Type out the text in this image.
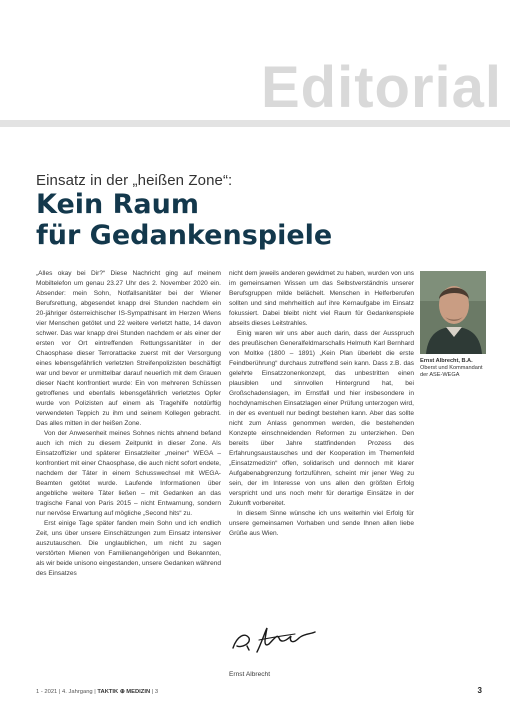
Editorial
Einsatz in der „heißen Zone“:
Kein Raum
für Gedankenspiele

„Alles okay bei Dir?“ Diese Nachricht ging auf meinem Mobiltelefon um genau 23.27 Uhr des 2. November 2020 ein. Absender: mein Sohn, Notfallsanitäter bei der Wiener Berufsrettung, abgesendet knapp drei Stunden nachdem ein 20-jähriger österreichischer IS-Sympathisant im Herzen Wiens vier Menschen getötet und 22 weitere verletzt hatte, 14 davon schwer. Das war knapp drei Stunden nachdem er als einer der ersten vor Ort eintreffenden Rettungssanitäter in der Chaosphase dieser Terrorattacke zuerst mit der Versorgung eines lebensgefährlich verletzten Streifenpolizisten beschäftigt war und bevor er unmittelbar darauf neuerlich mit dem Grauen dieser Nacht konfrontiert wurde: Ein von mehreren Schüssen getroffenes und ebenfalls lebensgefährlich verletztes Opfer wurde von Polizisten auf einem als Tragehilfe notdürftig verwendeten Teppich zu ihm und seinem Kollegen gebracht. Das alles mitten in der heißen Zone.

Von der Anwesenheit meines Sohnes nichts ahnend befand auch ich mich zu diesem Zeitpunkt in dieser Zone. Als Einsatzoffizier und späterer Einsatzleiter „meiner“ WEGA – konfrontiert mit einer Chaosphase, die auch nicht sofort endete, nachdem der Täter in einem Schusswechsel mit WEGA-Beamten getötet wurde. Laufende Informationen über angebliche weitere Täter ließen – mit Gedanken an das tragische Fanal von Paris 2015 – nicht Entwarnung, sondern nur nervöse Erwartung auf mögliche „Second hits“ zu.

Erst einige Tage später fanden mein Sohn und ich endlich Zeit, uns über unsere Einschätzungen zum Einsatz intensiver auszutauschen. Die unglaublichen, um nicht zu sagen verstörten Mienen von Familienangehörigen und Bekannten, als wir beide unisono eingestanden, unsere Gedanken während des Einsatzes

nicht dem jeweils anderen gewidmet zu haben, wurden von uns im gemeinsamen Wissen um das Selbstverständnis unserer Berufsgruppen milde belächelt. Menschen in Helferberufen sollten und sind mehrheitlich auf ihre Kernaufgabe im Einsatz fokussiert. Dabei bleibt nicht viel Raum für Gedankenspiele abseits dieses Leitstrahles.

Einig waren wir uns aber auch darin, dass der Ausspruch des preußischen Generalfeldmarschalls Helmuth Karl Bernhard von Moltke (1800 – 1891) „Kein Plan überlebt die erste Feindberührung“ durchaus zutreffend sein kann. Dass z.B. das gelehrte Einsatzzonenkonzept, das unbestritten einen plausiblen und sinnvollen Hintergrund hat, bei Großschadenslagen, im Ernstfall und hier insbesondere in hochdynamischen Einsatzlagen einer Prüfung unterzogen wird, in der es eventuell nur bedingt bestehen kann. Aber das sollte nicht zum Anlass genommen werden, die bestehenden Konzepte einschneidenden Reformen zu unterziehen. Den bereits über Jahre stattfindenden Prozess des Erfahrungsaustausches und der Kooperation im Themenfeld „Einsatzmedizin“ offen, solidarisch und dennoch mit klarer Aufgabenabgrenzung fortzuführen, scheint mir jener Weg zu sein, der im Interesse von uns allen den größten Erfolg verspricht und uns noch mehr für derartige Einsätze in der Zukunft vorbereitet.

In diesem Sinne wünsche ich uns weiterhin viel Erfolg für unsere gemeinsamen Vorhaben und sende Ihnen allen liebe Grüße aus Wien.

Ernst Albrecht
Ernst Albrecht, B.A.
Oberst und Kommandant der ASE-WEGA
1 - 2021 | 4. Jahrgang | TAKTIK ⊕ MEDIZIN | 3	3
